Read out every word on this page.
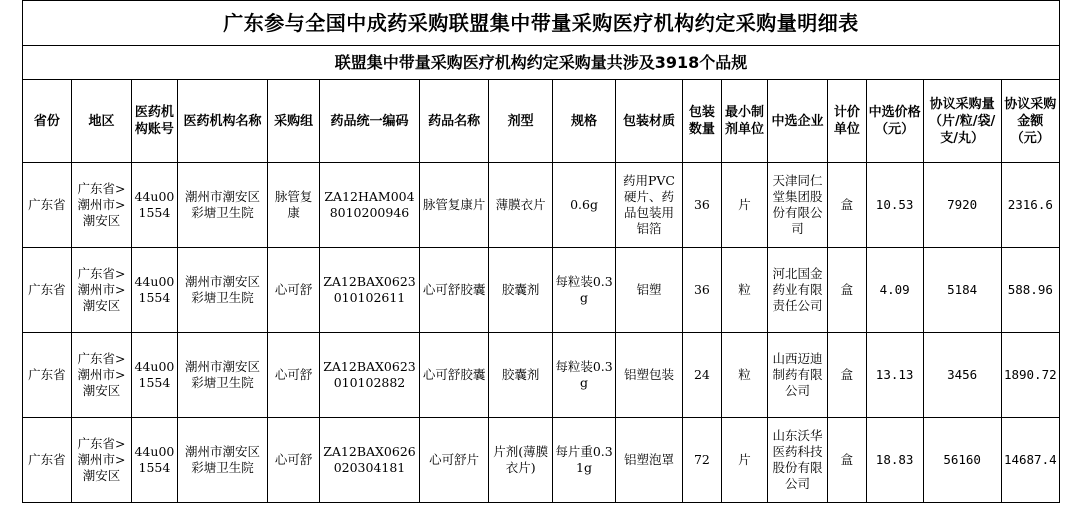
广东参与全国中成药采购联盟集中带量采购医疗机构约定采购量明细表																
联盟集中带量采购医疗机构约定采购量共涉及3918个品规																
省份	地区	医药机构账号	医药机构名称	采购组	药品统一编码	药品名称	剂型	规格	包装材质	包装数量	最小制剂单位	中选企业	计价单位	中选价格（元）	协议采购量（片/粒/袋/支/丸）	协议采购金额（元）
广东省	广东省>潮州市>潮安区	44u001554	潮州市潮安区彩塘卫生院	脉管复康	ZA12HAM0048010200946	脉管复康片	薄膜衣片	0.6g	药用PVC硬片、药品包装用铝箔	36	片	天津同仁堂集团股份有限公司	盒	10.53	7920	2316.6
广东省	广东省>潮州市>潮安区	44u001554	潮州市潮安区彩塘卫生院	心可舒	ZA12BAX0623010102611	心可舒胶囊	胶囊剂	每粒装0.3g	铝塑	36	粒	河北国金药业有限责任公司	盒	4.09	5184	588.96
广东省	广东省>潮州市>潮安区	44u001554	潮州市潮安区彩塘卫生院	心可舒	ZA12BAX0623010102882	心可舒胶囊	胶囊剂	每粒装0.3g	铝塑包装	24	粒	山西迈迪制药有限公司	盒	13.13	3456	1890.72
广东省	广东省>潮州市>潮安区	44u001554	潮州市潮安区彩塘卫生院	心可舒	ZA12BAX0626020304181	心可舒片	片剂(薄膜衣片)	每片重0.31g	铝塑泡罩	72	片	山东沃华医药科技股份有限公司	盒	18.83	56160	14687.4
